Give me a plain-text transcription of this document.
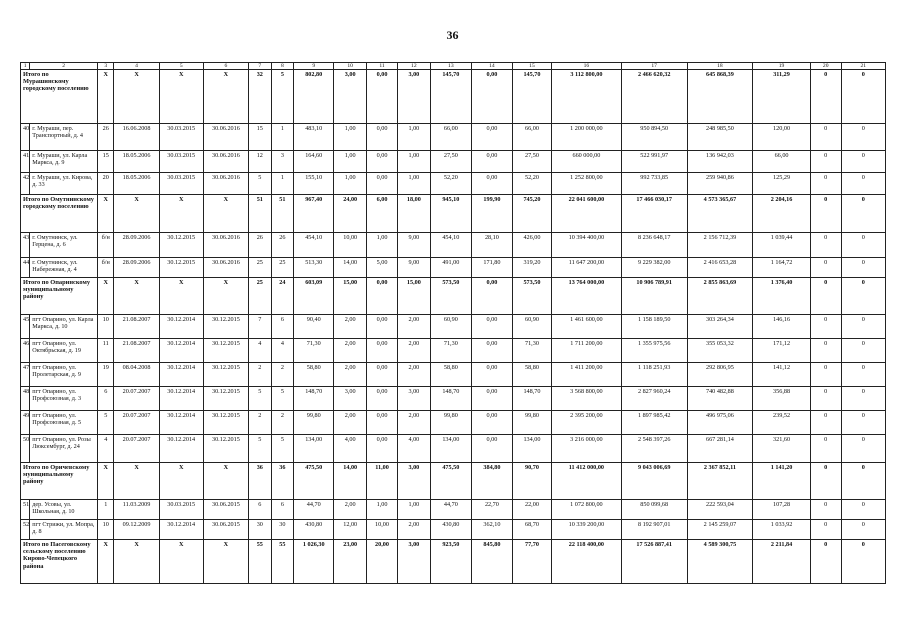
36
1	2	3	4	5	6	7	8	9	10	11	12	13	14	15	16	17	18	19	20	21
Итого по Мурашинскому городскому поселению		X	X	X	X	32	5	802,80	3,00	0,00	3,00	145,70	0,00	145,70	3 112 800,00	2 466 620,32	645 868,39	311,29	0	0
40	г. Мураши, пер. Транспортный, д. 4	26	16.06.2008	30.03.2015	30.06.2016	15	1	483,10	1,00	0,00	1,00	66,00	0,00	66,00	1 200 000,00	950 894,50	248 985,50	120,00	0	0
41	г. Мураши, ул. Карла Маркса, д. 9	15	18.05.2006	30.03.2015	30.06.2016	12	3	164,60	1,00	0,00	1,00	27,50	0,00	27,50	660 000,00	522 991,97	136 942,03	66,00	0	0
42	г. Мураши, ул. Кирова, д. 33	20	18.05.2006	30.03.2015	30.06.2016	5	1	155,10	1,00	0,00	1,00	52,20	0,00	52,20	1 252 800,00	992 733,85	259 940,86	125,29	0	0
Итого по Омутнинскому городскому поселению		X	X	X	X	51	51	967,40	24,00	6,00	18,00	945,10	199,90	745,20	22 041 600,00	17 466 030,17	4 573 365,67	2 204,16	0	0
43	г. Омутнинск, ул. Герцена, д. 6	б/н	28.09.2006	30.12.2015	30.06.2016	26	26	454,10	10,00	1,00	9,00	454,10	28,10	426,00	10 394 400,00	8 236 648,17	2 156 712,39	1 039,44	0	0
44	г. Омутнинск, ул. Набережная, д. 4	б/н	28.09.2006	30.12.2015	30.06.2016	25	25	513,30	14,00	5,00	9,00	491,00	171,80	319,20	11 647 200,00	9 229 382,00	2 416 653,28	1 164,72	0	0
Итого по Опаринскому муниципальному району		X	X	X	X	25	24	603,09	15,00	0,00	15,00	573,50	0,00	573,50	13 764 000,00	10 906 789,91	2 855 863,69	1 376,40	0	0
45	пгт Опарино, ул. Карла Маркса, д. 10	10	21.08.2007	30.12.2014	30.12.2015	7	6	90,40	2,00	0,00	2,00	60,90	0,00	60,90	1 461 600,00	1 158 189,50	303 264,34	146,16	0	0
46	пгт Опарино, ул. Октябрьская, д. 19	11	21.08.2007	30.12.2014	30.12.2015	4	4	71,30	2,00	0,00	2,00	71,30	0,00	71,30	1 711 200,00	1 355 975,56	355 053,32	171,12	0	0
47	пгт Опарино, ул. Пролетарская, д. 9	19	08.04.2008	30.12.2014	30.12.2015	2	2	58,80	2,00	0,00	2,00	58,80	0,00	58,80	1 411 200,00	1 118 251,93	292 806,95	141,12	0	0
48	пгт Опарино, ул. Профсоюзная, д. 3	6	20.07.2007	30.12.2014	30.12.2015	5	5	148,70	3,00	0,00	3,00	148,70	0,00	148,70	3 568 800,00	2 827 960,24	740 482,88	356,88	0	0
49	пгт Опарино, ул. Профсоюзная, д. 5	5	20.07.2007	30.12.2014	30.12.2015	2	2	99,80	2,00	0,00	2,00	99,80	0,00	99,80	2 395 200,00	1 897 985,42	496 975,06	239,52	0	0
50	пгт Опарино, ул. Розы Люксембург, д. 24	4	20.07.2007	30.12.2014	30.12.2015	5	5	134,00	4,00	0,00	4,00	134,00	0,00	134,00	3 216 000,00	2 548 397,26	667 281,14	321,60	0	0
Итого по Оричевскому муниципальному району		X	X	X	X	36	36	475,50	14,00	11,00	3,00	475,50	384,80	90,70	11 412 000,00	9 043 006,69	2 367 852,11	1 141,20	0	0
51	дер. Усовы, ул. Школьная, д. 10	1	11.03.2009	30.03.2015	30.06.2015	6	6	44,70	2,00	1,00	1,00	44,70	22,70	22,00	1 072 800,00	850 099,68	222 593,04	107,28	0	0
52	пгт Стрижи, ул. Мопра, д. 8	10	09.12.2009	30.12.2014	30.06.2015	30	30	430,80	12,00	10,00	2,00	430,80	362,10	68,70	10 339 200,00	8 192 907,01	2 145 259,07	1 033,92	0	0
Итого по Пасеговскому сельскому поселению Кирово-Чепецкого района		X	X	X	X	55	55	1 026,30	23,00	20,00	3,00	923,50	845,80	77,70	22 118 400,00	17 526 887,41	4 589 300,75	2 211,84	0	0
